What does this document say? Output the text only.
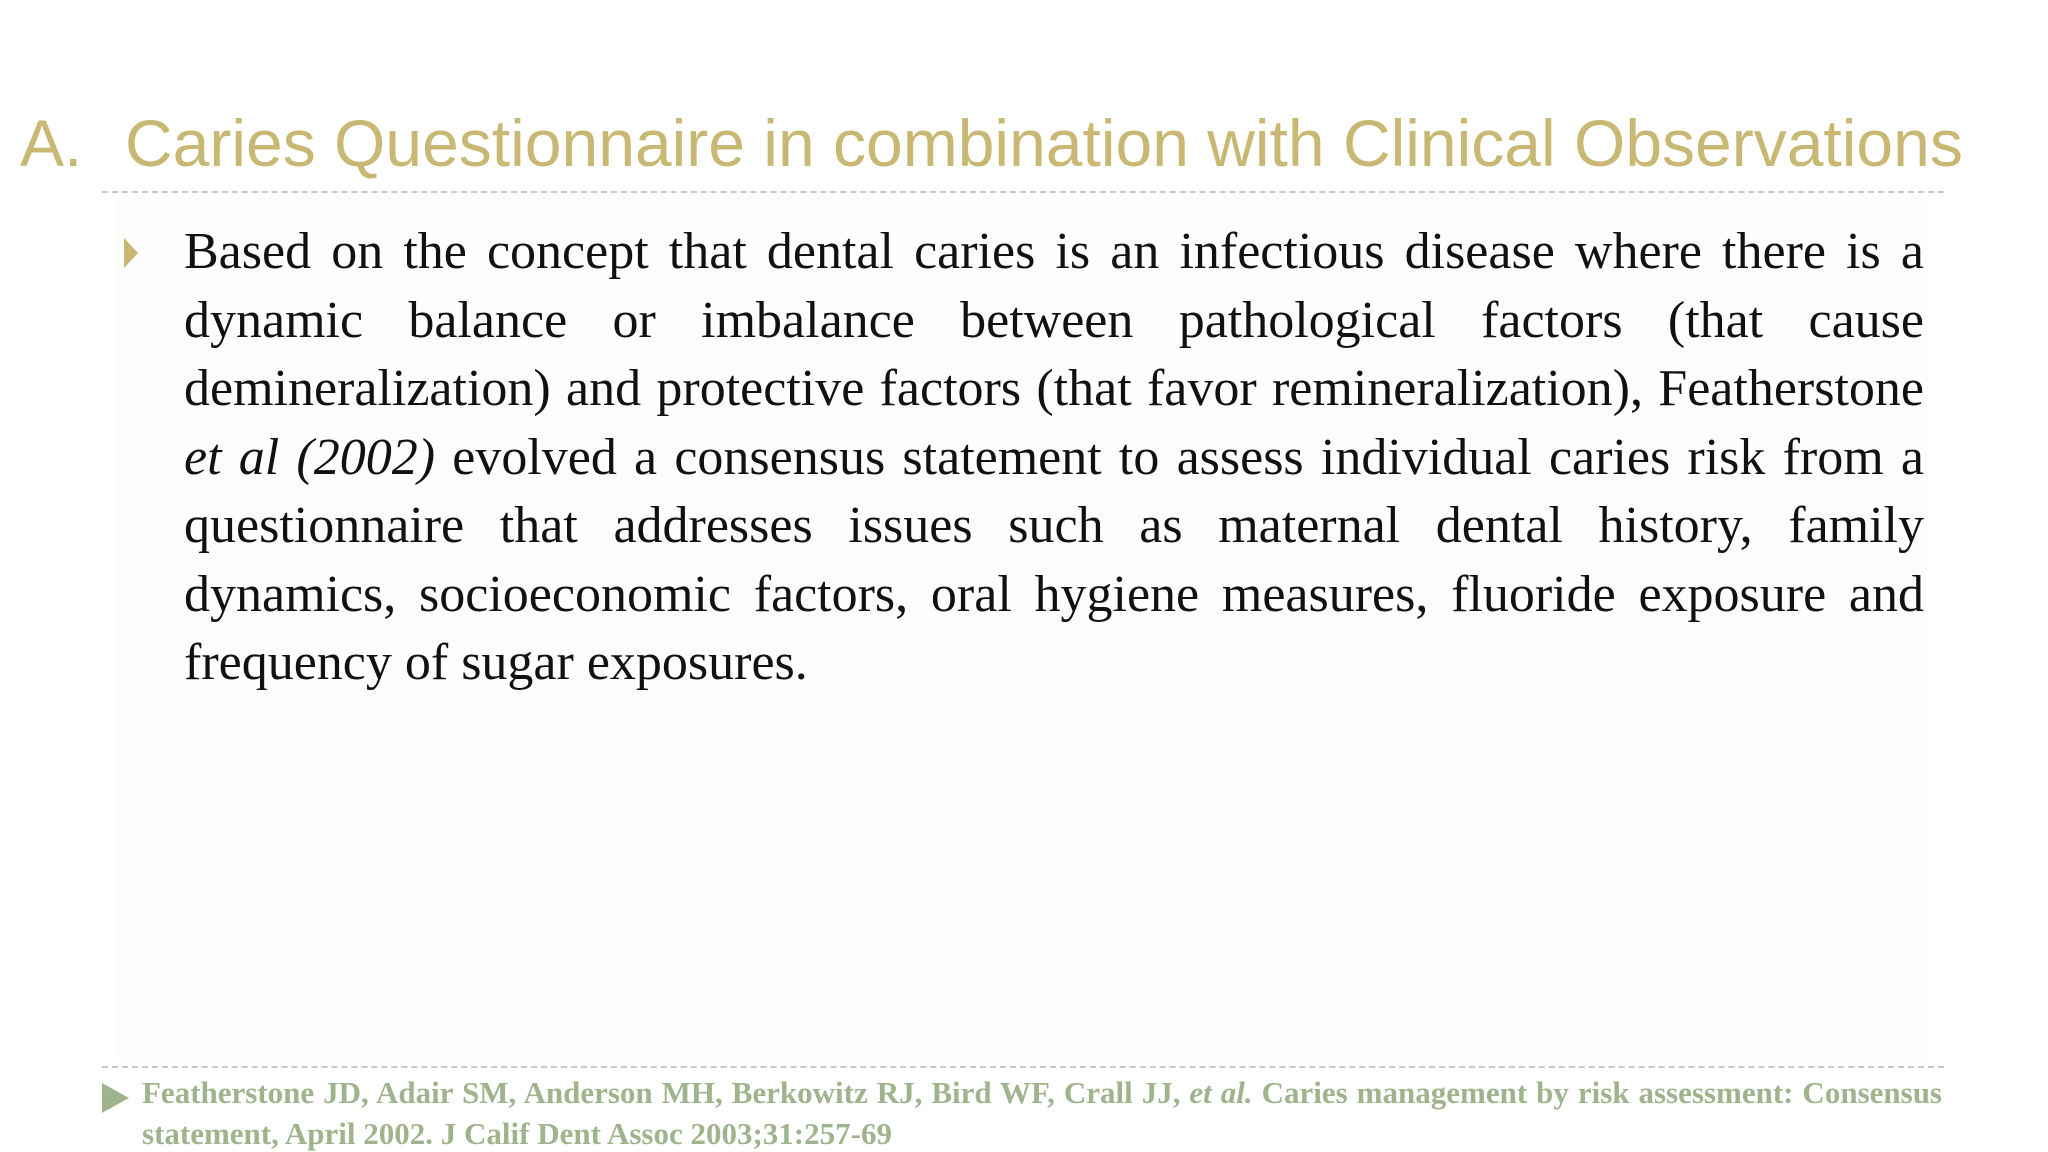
A. Caries Questionnaire in combination with Clinical Observations
Based on the concept that dental caries is an infectious disease where there is a dynamic balance or imbalance between pathological factors (that cause demineralization) and protective factors (that favor remineralization), Featherstone et al (2002) evolved a consensus statement to assess individual caries risk from a questionnaire that addresses issues such as maternal dental history, family dynamics, socioeconomic factors, oral hygiene measures, fluoride exposure and frequency of sugar exposures.
Featherstone JD, Adair SM, Anderson MH, Berkowitz RJ, Bird WF, Crall JJ, et al. Caries management by risk assessment: Consensus statement, April 2002. J Calif Dent Assoc 2003;31:257-69
